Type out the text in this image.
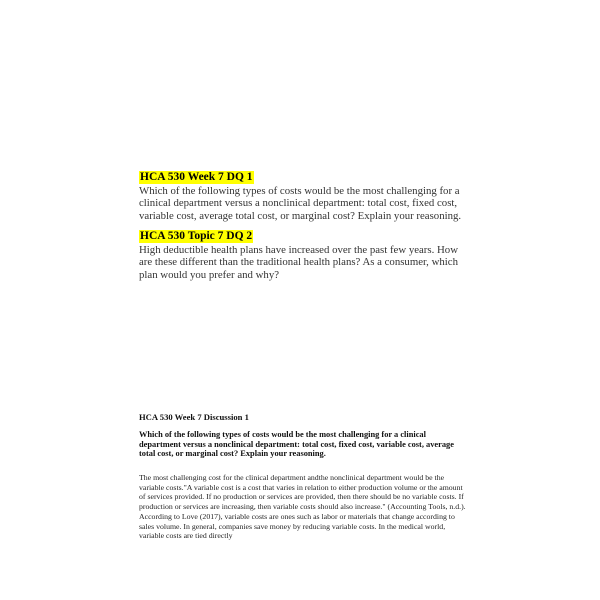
HCA 530 Week 7 DQ 1
Which of the following types of costs would be the most challenging for a clinical department versus a nonclinical department: total cost, fixed cost, variable cost, average total cost, or marginal cost? Explain your reasoning.
HCA 530 Topic 7 DQ 2
High deductible health plans have increased over the past few years. How are these different than the traditional health plans? As a consumer, which plan would you prefer and why?
HCA 530 Week 7 Discussion 1
Which of the following types of costs would be the most challenging for a clinical department versus a nonclinical department: total cost, fixed cost, variable cost, average total cost, or marginal cost? Explain your reasoning.
The most challenging cost for the clinical department andthe nonclinical department would be the variable costs."A variable cost is a cost that varies in relation to either production volume or the amount of services provided. If no production or services are provided, then there should be no variable costs. If production or services are increasing, then variable costs should also increase." (Accounting Tools, n.d.). According to Love (2017), variable costs are ones such as labor or materials that change according to sales volume. In general, companies save money by reducing variable costs. In the medical world, variable costs are tied directly
